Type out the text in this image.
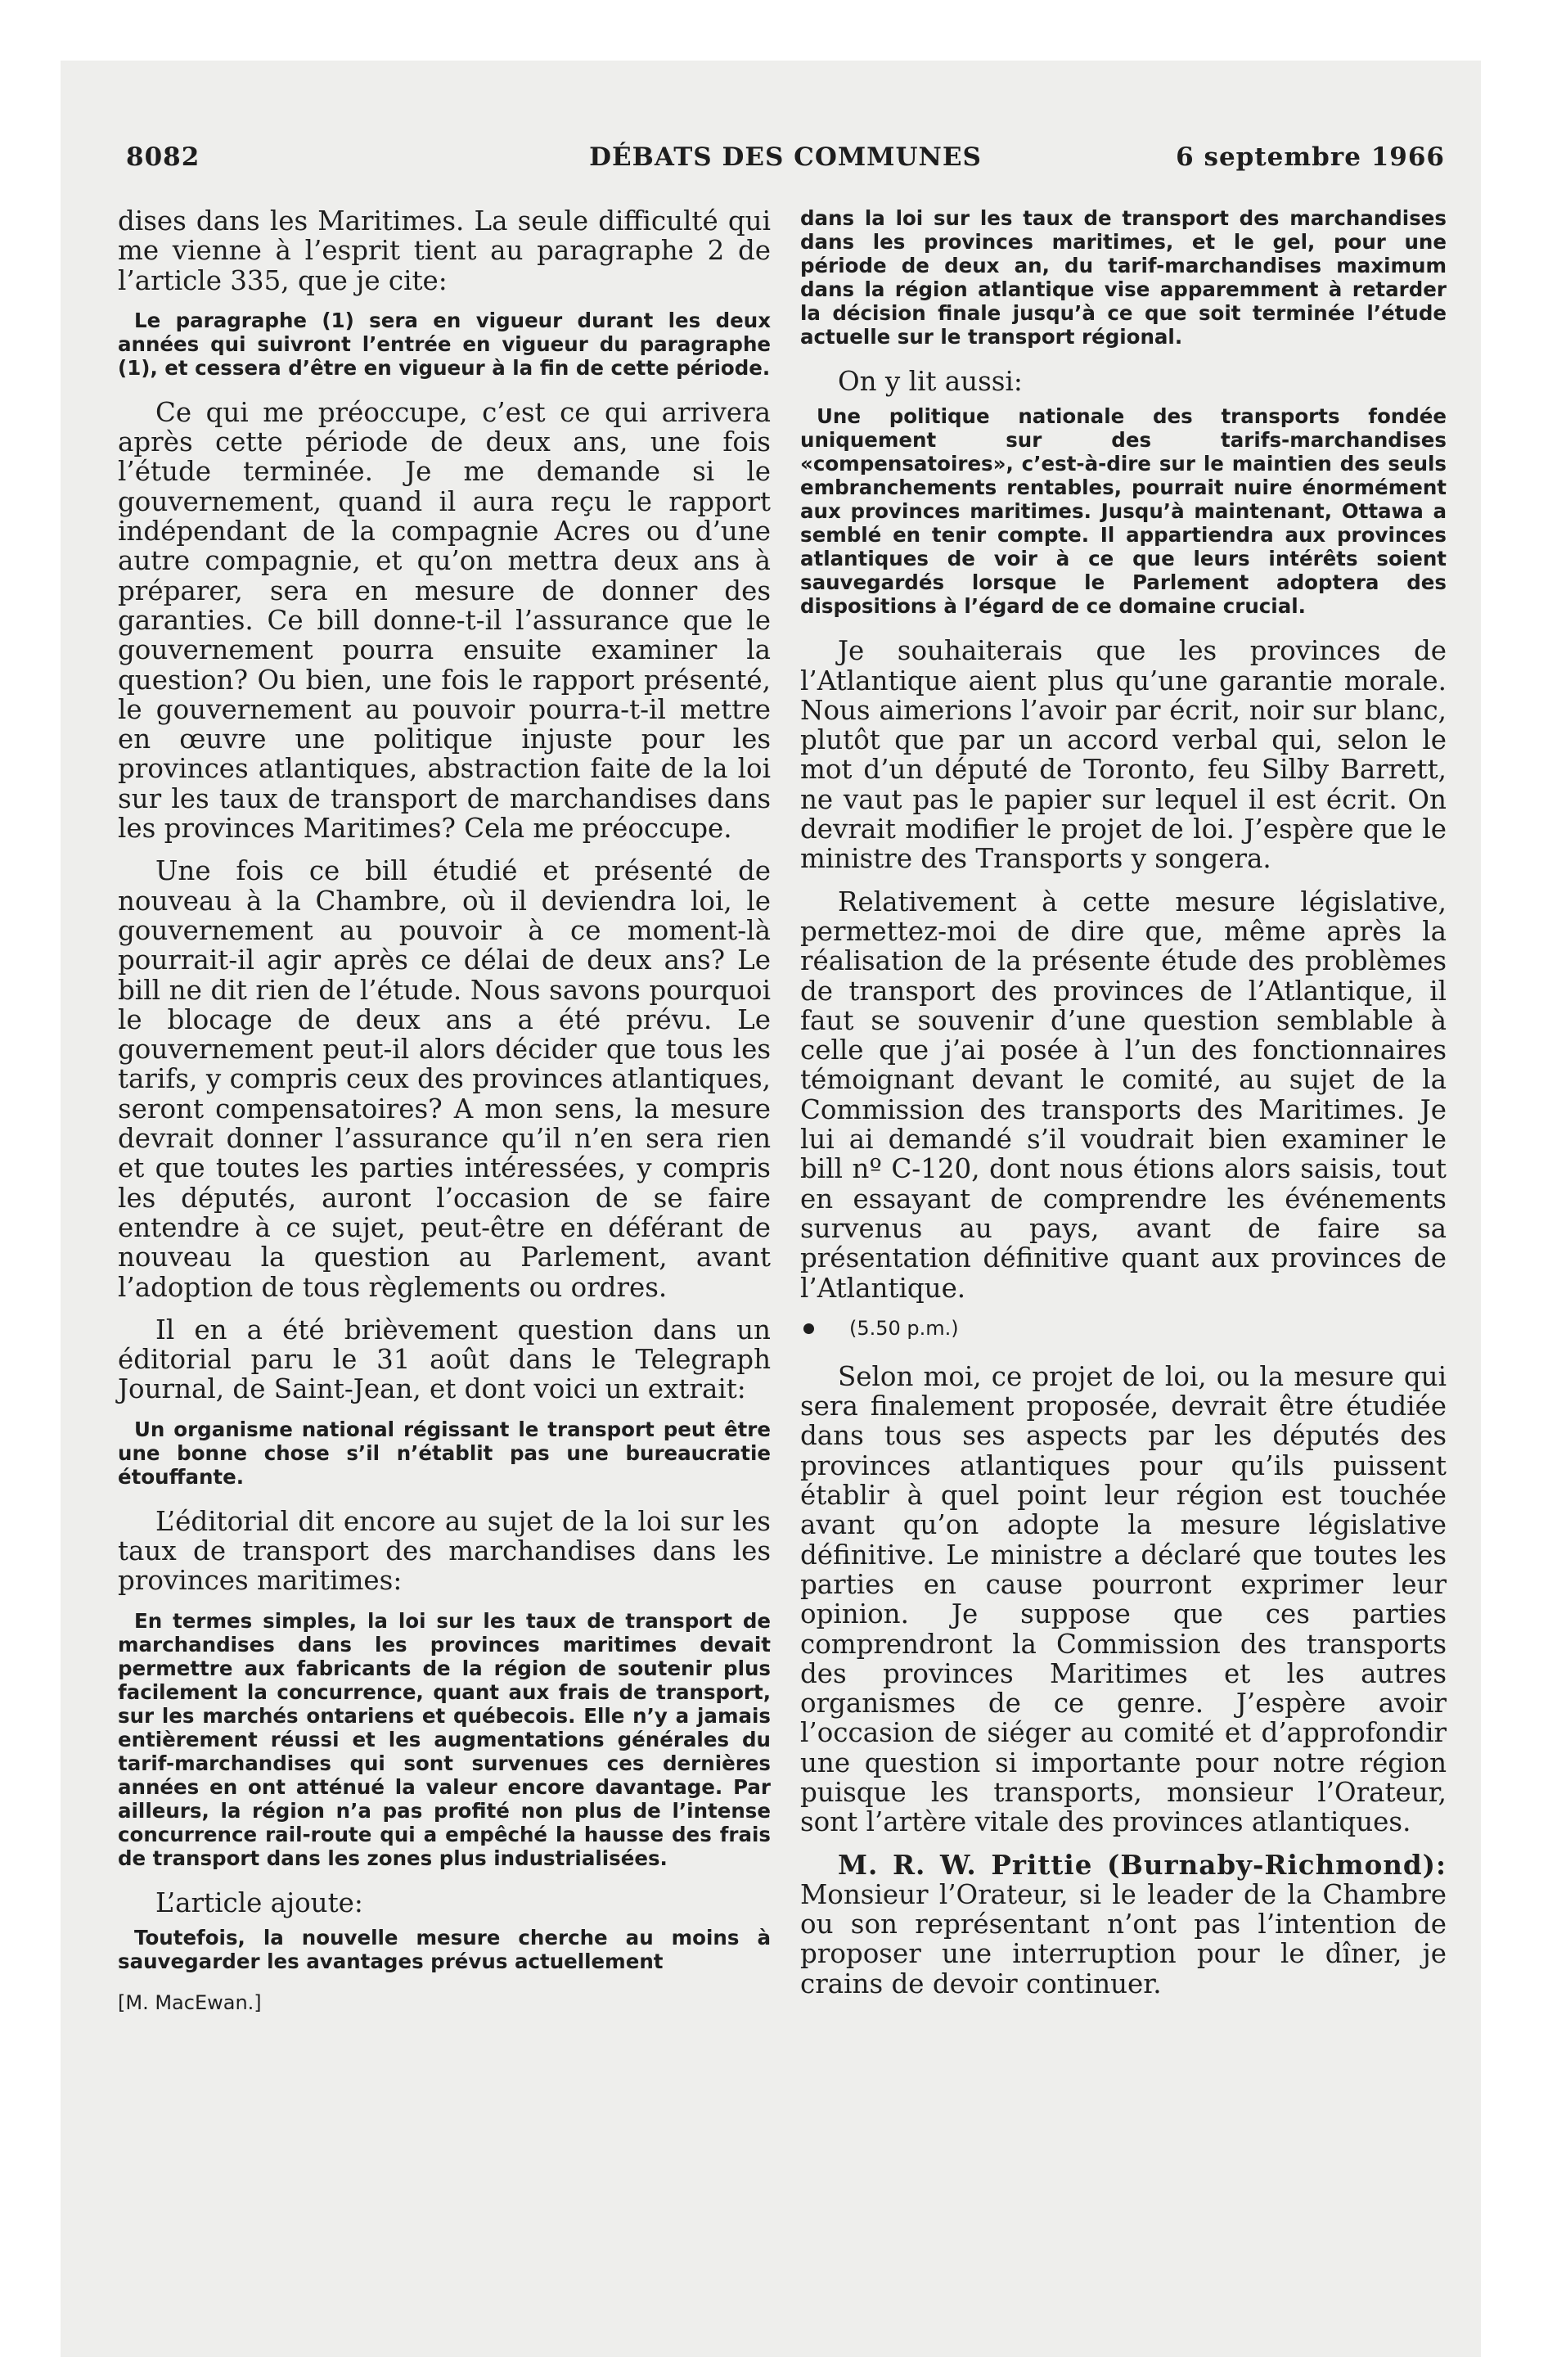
8082	DÉBATS DES COMMUNES	6 septembre 1966

dises dans les Maritimes. La seule difficulté qui me vienne à l’esprit tient au paragraphe 2 de l’article 335, que je cite:

Le paragraphe (1) sera en vigueur durant les deux années qui suivront l’entrée en vigueur du paragraphe (1), et cessera d’être en vigueur à la fin de cette période.

Ce qui me préoccupe, c’est ce qui arrivera après cette période de deux ans, une fois l’étude terminée. Je me demande si le gouvernement, quand il aura reçu le rapport indépendant de la compagnie Acres ou d’une autre compagnie, et qu’on mettra deux ans à préparer, sera en mesure de donner des garanties. Ce bill donne-t-il l’assurance que le gouvernement pourra ensuite examiner la question? Ou bien, une fois le rapport présenté, le gouvernement au pouvoir pourra-t-il mettre en œuvre une politique injuste pour les provinces atlantiques, abstraction faite de la loi sur les taux de transport de marchandises dans les provinces Maritimes? Cela me préoccupe.

Une fois ce bill étudié et présenté de nouveau à la Chambre, où il deviendra loi, le gouvernement au pouvoir à ce moment-là pourrait-il agir après ce délai de deux ans? Le bill ne dit rien de l’étude. Nous savons pourquoi le blocage de deux ans a été prévu. Le gouvernement peut-il alors décider que tous les tarifs, y compris ceux des provinces atlantiques, seront compensatoires? A mon sens, la mesure devrait donner l’assurance qu’il n’en sera rien et que toutes les parties intéressées, y compris les députés, auront l’occasion de se faire entendre à ce sujet, peut-être en déférant de nouveau la question au Parlement, avant l’adoption de tous règlements ou ordres.

Il en a été brièvement question dans un éditorial paru le 31 août dans le Telegraph Journal, de Saint-Jean, et dont voici un extrait:

Un organisme national régissant le transport peut être une bonne chose s’il n’établit pas une bureaucratie étouffante.

L’éditorial dit encore au sujet de la loi sur les taux de transport des marchandises dans les provinces maritimes:

En termes simples, la loi sur les taux de transport de marchandises dans les provinces maritimes devait permettre aux fabricants de la région de soutenir plus facilement la concurrence, quant aux frais de transport, sur les marchés ontariens et québecois. Elle n’y a jamais entièrement réussi et les augmentations générales du tarif-marchandises qui sont survenues ces dernières années en ont atténué la valeur encore davantage. Par ailleurs, la région n’a pas profité non plus de l’intense concurrence rail-route qui a empêché la hausse des frais de transport dans les zones plus industrialisées.

L’article ajoute:

Toutefois, la nouvelle mesure cherche au moins à sauvegarder les avantages prévus actuellement

[M. MacEwan.]

dans la loi sur les taux de transport des marchandises dans les provinces maritimes, et le gel, pour une période de deux an, du tarif-marchandises maximum dans la région atlantique vise apparemment à retarder la décision finale jusqu’à ce que soit terminée l’étude actuelle sur le transport régional.

On y lit aussi:

Une politique nationale des transports fondée uniquement sur des tarifs-marchandises «compensatoires», c’est-à-dire sur le maintien des seuls embranchements rentables, pourrait nuire énormément aux provinces maritimes. Jusqu’à maintenant, Ottawa a semblé en tenir compte. Il appartiendra aux provinces atlantiques de voir à ce que leurs intérêts soient sauvegardés lorsque le Parlement adoptera des dispositions à l’égard de ce domaine crucial.

Je souhaiterais que les provinces de l’Atlantique aient plus qu’une garantie morale. Nous aimerions l’avoir par écrit, noir sur blanc, plutôt que par un accord verbal qui, selon le mot d’un député de Toronto, feu Silby Barrett, ne vaut pas le papier sur lequel il est écrit. On devrait modifier le projet de loi. J’espère que le ministre des Transports y songera.

Relativement à cette mesure législative, permettez-moi de dire que, même après la réalisation de la présente étude des problèmes de transport des provinces de l’Atlantique, il faut se souvenir d’une question semblable à celle que j’ai posée à l’un des fonctionnaires témoignant devant le comité, au sujet de la Commission des transports des Maritimes. Je lui ai demandé s’il voudrait bien examiner le bill nº C-120, dont nous étions alors saisis, tout en essayant de comprendre les événements survenus au pays, avant de faire sa présentation définitive quant aux provinces de l’Atlantique.

(5.50 p.m.)

Selon moi, ce projet de loi, ou la mesure qui sera finalement proposée, devrait être étudiée dans tous ses aspects par les députés des provinces atlantiques pour qu’ils puissent établir à quel point leur région est touchée avant qu’on adopte la mesure législative définitive. Le ministre a déclaré que toutes les parties en cause pourront exprimer leur opinion. Je suppose que ces parties comprendront la Commission des transports des provinces Maritimes et les autres organismes de ce genre. J’espère avoir l’occasion de siéger au comité et d’approfondir une question si importante pour notre région puisque les transports, monsieur l’Orateur, sont l’artère vitale des provinces atlantiques.

M. R. W. Prittie (Burnaby-Richmond): Monsieur l’Orateur, si le leader de la Chambre ou son représentant n’ont pas l’intention de proposer une interruption pour le dîner, je crains de devoir continuer.
